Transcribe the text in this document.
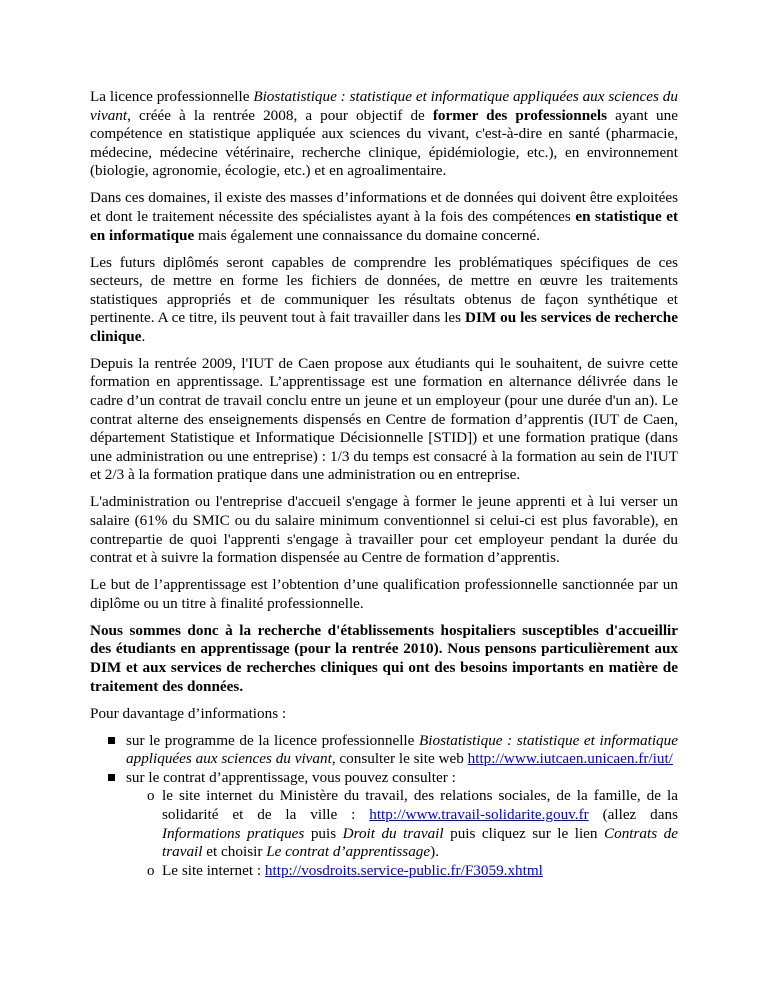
La licence professionnelle Biostatistique : statistique et informatique appliquées aux sciences du vivant, créée à la rentrée 2008, a pour objectif de former des professionnels ayant une compétence en statistique appliquée aux sciences du vivant, c'est-à-dire en santé (pharmacie, médecine, médecine vétérinaire, recherche clinique, épidémiologie, etc.), en environnement (biologie, agronomie, écologie, etc.) et en agroalimentaire.

Dans ces domaines, il existe des masses d’informations et de données qui doivent être exploitées et dont le traitement nécessite des spécialistes ayant à la fois des compétences en statistique et en informatique mais également une connaissance du domaine concerné.

Les futurs diplômés seront capables de comprendre les problématiques spécifiques de ces secteurs, de mettre en forme les fichiers de données, de mettre en œuvre les traitements statistiques appropriés et de communiquer les résultats obtenus de façon synthétique et pertinente. A ce titre, ils peuvent tout à fait travailler dans les DIM ou les services de recherche clinique.

Depuis la rentrée 2009, l'IUT de Caen propose aux étudiants qui le souhaitent, de suivre cette formation en apprentissage. L’apprentissage est une formation en alternance délivrée dans le cadre d’un contrat de travail conclu entre un jeune et un employeur (pour une durée d'un an). Le contrat alterne des enseignements dispensés en Centre de formation d’apprentis (IUT de Caen, département Statistique et Informatique Décisionnelle [STID]) et une formation pratique (dans une administration ou une entreprise) : 1/3 du temps est consacré à la formation au sein de l'IUT et 2/3 à la formation pratique dans une administration ou en entreprise.

L'administration ou l'entreprise d'accueil s'engage à former le jeune apprenti et à lui verser un salaire (61% du SMIC ou du salaire minimum conventionnel si celui-ci est plus favorable), en contrepartie de quoi l'apprenti s'engage à travailler pour cet employeur pendant la durée du contrat et à suivre la formation dispensée au Centre de formation d’apprentis.

Le but de l’apprentissage est l’obtention d’une qualification professionnelle sanctionnée par un diplôme ou un titre à finalité professionnelle.

Nous sommes donc à la recherche d'établissements hospitaliers susceptibles d'accueillir des étudiants en apprentissage (pour la rentrée 2010). Nous pensons particulièrement aux DIM et aux services de recherches cliniques qui ont des besoins importants en matière de traitement des données.

Pour davantage d’informations :

sur le programme de la licence professionnelle Biostatistique : statistique et informatique appliquées aux sciences du vivant, consulter le site web http://www.iutcaen.unicaen.fr/iut/
sur le contrat d’apprentissage, vous pouvez consulter :
o le site internet du Ministère du travail, des relations sociales, de la famille, de la solidarité et de la ville : http://www.travail-solidarite.gouv.fr (allez dans Informations pratiques puis Droit du travail puis cliquez sur le lien Contrats de travail et choisir Le contrat d’apprentissage).
o Le site internet : http://vosdroits.service-public.fr/F3059.xhtml
